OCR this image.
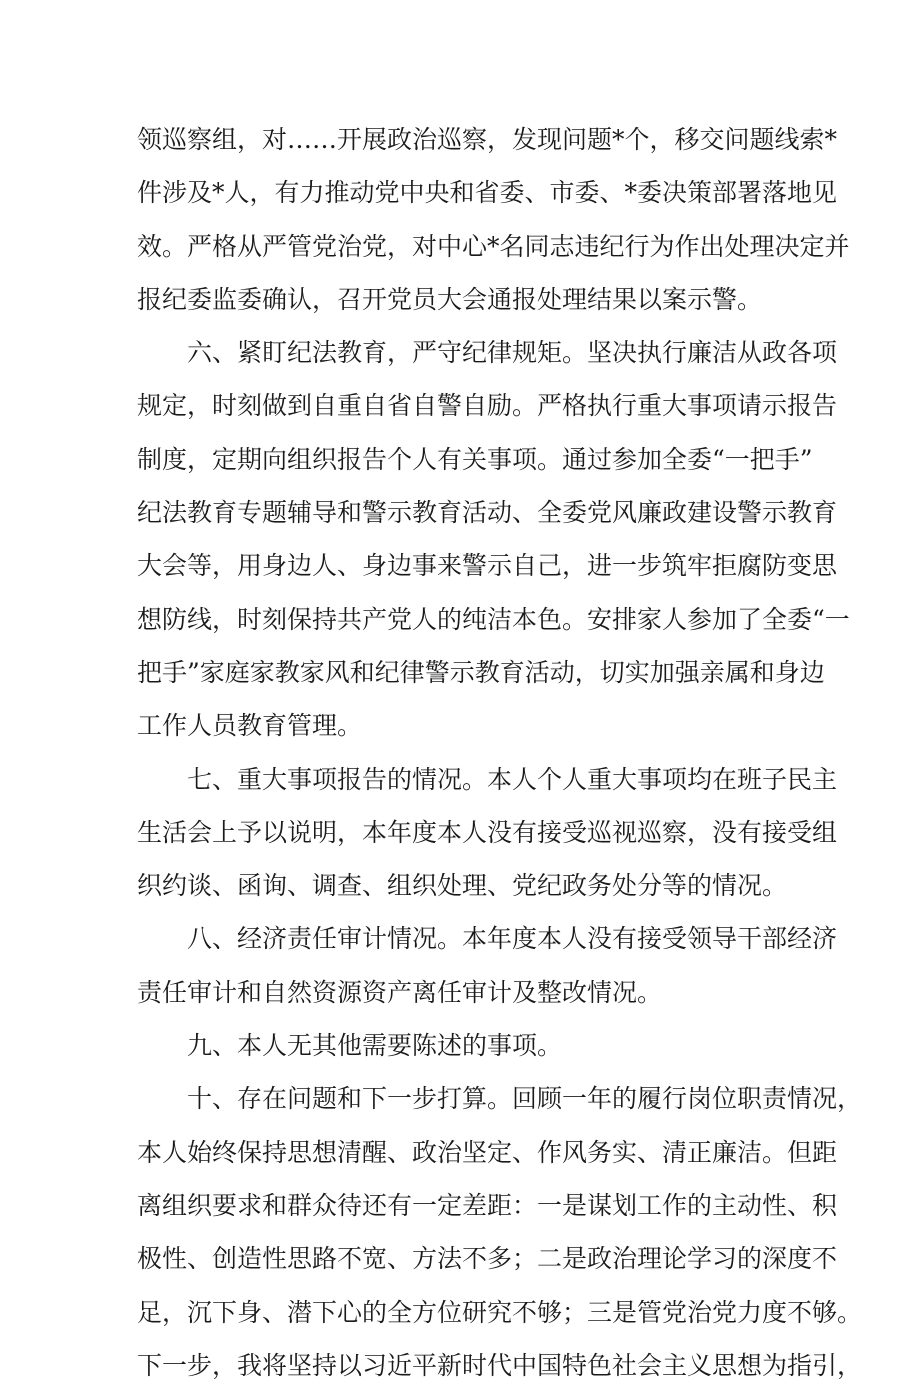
领巡察组，对……开展政治巡察，发现问题*个，移交问题线索*
件涉及*人，有力推动党中央和省委、市委、*委决策部署落地见
效。严格从严管党治党，对中心*名同志违纪行为作出处理决定并
报纪委监委确认，召开党员大会通报处理结果以案示警。
六、紧盯纪法教育，严守纪律规矩。坚决执行廉洁从政各项
规定，时刻做到自重自省自警自励。严格执行重大事项请示报告
制度，定期向组织报告个人有关事项。通过参加全委“一把手”
纪法教育专题辅导和警示教育活动、全委党风廉政建设警示教育
大会等，用身边人、身边事来警示自己，进一步筑牢拒腐防变思
想防线，时刻保持共产党人的纯洁本色。安排家人参加了全委“一
把手”家庭家教家风和纪律警示教育活动，切实加强亲属和身边
工作人员教育管理。
七、重大事项报告的情况。本人个人重大事项均在班子民主
生活会上予以说明，本年度本人没有接受巡视巡察，没有接受组
织约谈、函询、调查、组织处理、党纪政务处分等的情况。
八、经济责任审计情况。本年度本人没有接受领导干部经济
责任审计和自然资源资产离任审计及整改情况。
九、本人无其他需要陈述的事项。
十、存在问题和下一步打算。回顾一年的履行岗位职责情况，
本人始终保持思想清醒、政治坚定、作风务实、清正廉洁。但距
离组织要求和群众待还有一定差距：一是谋划工作的主动性、积
极性、创造性思路不宽、方法不多；二是政治理论学习的深度不
足，沉下身、潜下心的全方位研究不够；三是管党治党力度不够。
下一步，我将坚持以习近平新时代中国特色社会主义思想为指引，
